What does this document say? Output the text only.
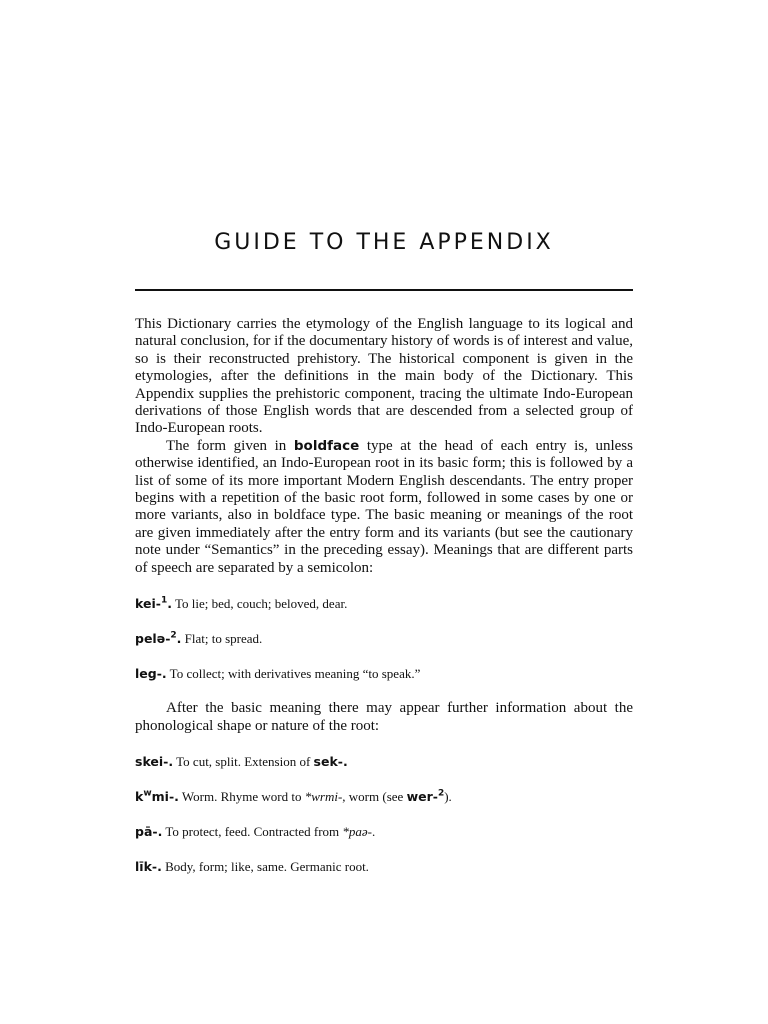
GUIDE TO THE APPENDIX

This Dictionary carries the etymology of the English language to its logical and natural conclusion, for if the documentary history of words is of interest and value, so is their reconstructed prehistory. The historical component is given in the etymologies, after the definitions in the main body of the Dictionary. This Appendix supplies the prehistoric component, tracing the ultimate Indo-European derivations of those English words that are descended from a selected group of Indo-European roots.

The form given in boldface type at the head of each entry is, unless otherwise identified, an Indo-European root in its basic form; this is followed by a list of some of its more important Modern English descendants. The entry proper begins with a repetition of the basic root form, followed in some cases by one or more variants, also in boldface type. The basic meaning or meanings of the root are given immediately after the entry form and its variants (but see the cautionary note under “Semantics” in the preceding essay). Meanings that are different parts of speech are separated by a semicolon:

kei-$^1$. To lie; bed, couch; beloved, dear.

pelə-$^2$. Flat; to spread.

leg-. To collect; with derivatives meaning “to speak.”

After the basic meaning there may appear further information about the phonological shape or nature of the root:

skei-. To cut, split. Extension of sek-.

$k^wmi-$. Worm. Rhyme word to *wrmi-, worm (see wer-$^2$).

pā-. To protect, feed. Contracted from *paə-.

līk-. Body, form; like, same. Germanic root.
